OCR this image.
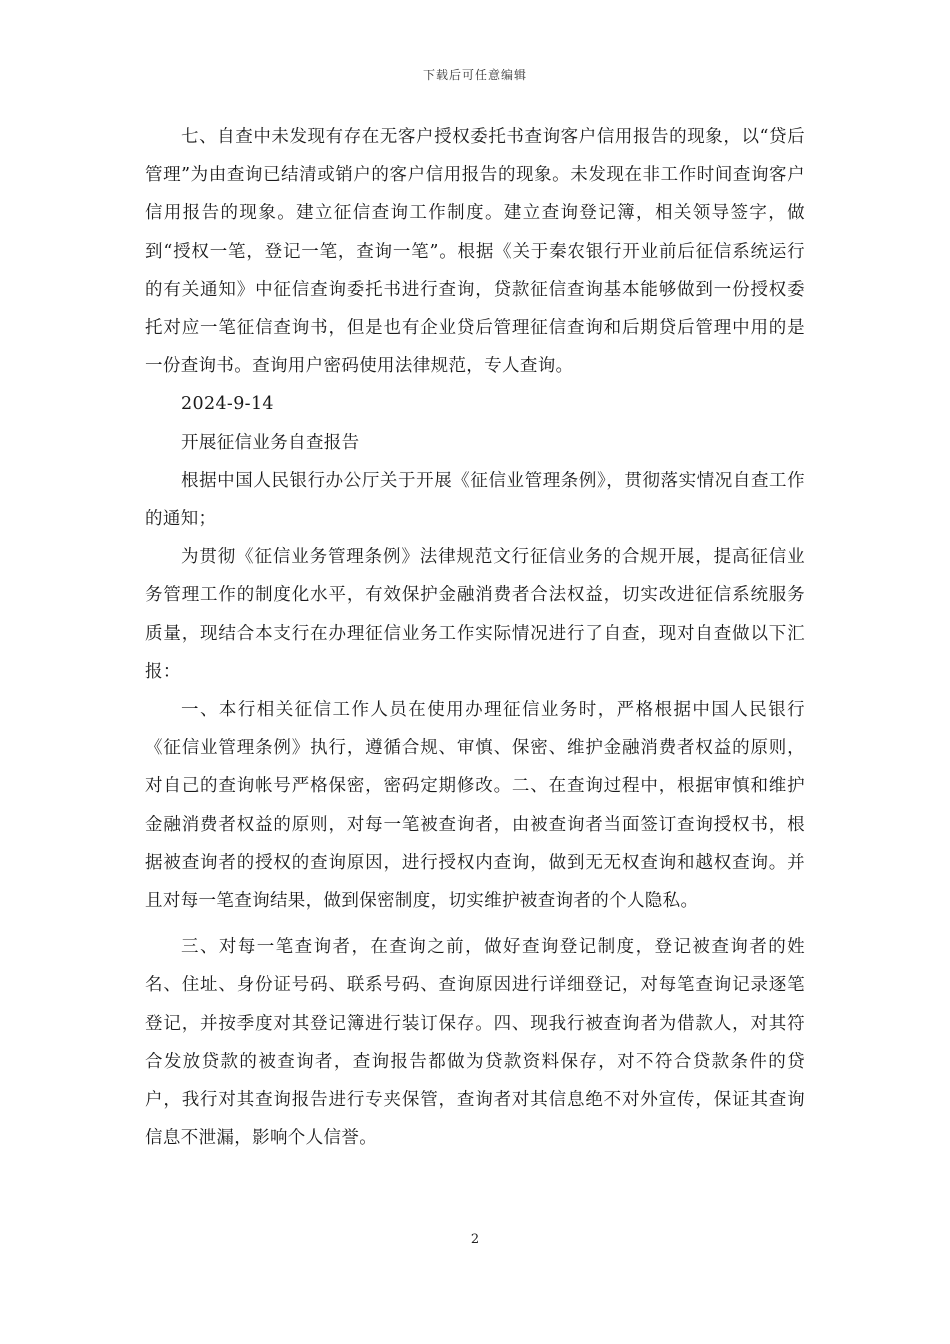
下载后可任意编辑

七、自查中未发现有存在无客户授权委托书查询客户信用报告的现象，以“贷后管理”为由查询已结清或销户的客户信用报告的现象。未发现在非工作时间查询客户信用报告的现象。建立征信查询工作制度。建立查询登记簿，相关领导签字，做到“授权一笔，登记一笔，查询一笔”。根据《关于秦农银行开业前后征信系统运行的有关通知》中征信查询委托书进行查询，贷款征信查询基本能够做到一份授权委托对应一笔征信查询书，但是也有企业贷后管理征信查询和后期贷后管理中用的是一份查询书。查询用户密码使用法律规范，专人查询。

2024-9-14

开展征信业务自查报告

根据中国人民银行办公厅关于开展《征信业管理条例》，贯彻落实情况自查工作的通知；

为贯彻《征信业务管理条例》法律规范文行征信业务的合规开展，提高征信业务管理工作的制度化水平，有效保护金融消费者合法权益，切实改进征信系统服务质量，现结合本支行在办理征信业务工作实际情况进行了自查，现对自查做以下汇报：

一、本行相关征信工作人员在使用办理征信业务时，严格根据中国人民银行《征信业管理条例》执行，遵循合规、审慎、保密、维护金融消费者权益的原则，对自己的查询帐号严格保密，密码定期修改。二、在查询过程中，根据审慎和维护金融消费者权益的原则，对每一笔被查询者，由被查询者当面签订查询授权书，根据被查询者的授权的查询原因，进行授权内查询，做到无无权查询和越权查询。并且对每一笔查询结果，做到保密制度，切实维护被查询者的个人隐私。

三、对每一笔查询者，在查询之前，做好查询登记制度，登记被查询者的姓名、住址、身份证号码、联系号码、查询原因进行详细登记，对每笔查询记录逐笔登记，并按季度对其登记簿进行装订保存。四、现我行被查询者为借款人，对其符合发放贷款的被查询者，查询报告都做为贷款资料保存，对不符合贷款条件的贷户，我行对其查询报告进行专夹保管，查询者对其信息绝不对外宣传，保证其查询信息不泄漏，影响个人信誉。

2
